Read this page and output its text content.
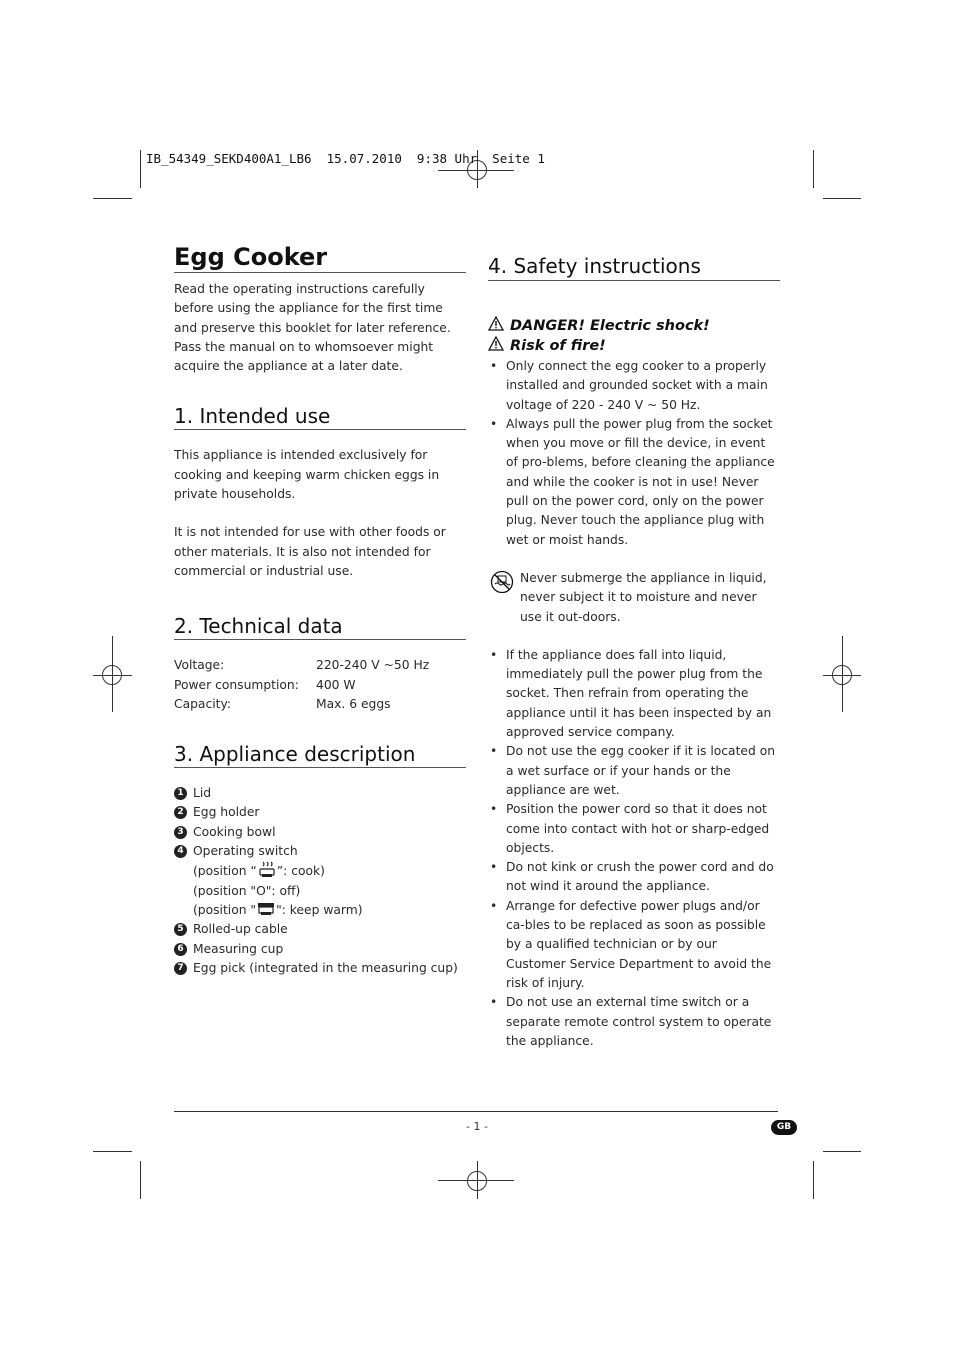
IB_54349_SEKD400A1_LB6  15.07.2010  9:38 Uhr  Seite 1
Egg Cooker
Read the operating instructions carefully before using the appliance for the first time and preserve this booklet for later reference. Pass the manual on to whomsoever might acquire the appliance at a later date.
1. Intended use
This appliance is intended exclusively for cooking and keeping warm chicken eggs in private households.
It is not intended for use with other foods or other materials. It is also not intended for commercial or industrial use.
2. Technical data
Voltage:	220-240 V ~50 Hz
Power consumption: 400 W
Capacity:	Max. 6 eggs
3. Appliance description
1 Lid
2 Egg holder
3 Cooking bowl
4 Operating switch
(position “ ”: cook)
(position "O": off)
(position " ": keep warm)
5 Rolled-up cable
6 Measuring cup
7 Egg pick (integrated in the measuring cup)
4. Safety instructions
DANGER! Electric shock!
Risk of fire!
• Only connect the egg cooker to a properly installed and grounded socket with a main voltage of 220 - 240 V ~ 50 Hz.
• Always pull the power plug from the socket when you move or fill the device, in event of pro-blems, before cleaning the appliance and while the cooker is not in use! Never pull on the power cord, only on the power plug. Never touch the appliance plug with wet or moist hands.
Never submerge the appliance in liquid, never subject it to moisture and never use it out-doors.
• If the appliance does fall into liquid, immediately pull the power plug from the socket. Then refrain from operating the appliance until it has been inspected by an approved service company.
• Do not use the egg cooker if it is located on a wet surface or if your hands or the appliance are wet.
• Position the power cord so that it does not come into contact with hot or sharp-edged objects.
• Do not kink or crush the power cord and do not wind it around the appliance.
• Arrange for defective power plugs and/or ca-bles to be replaced as soon as possible by a qualified technician or by our Customer Service Department to avoid the risk of injury.
• Do not use an external time switch or a separate remote control system to operate the appliance.
- 1 -	GB
